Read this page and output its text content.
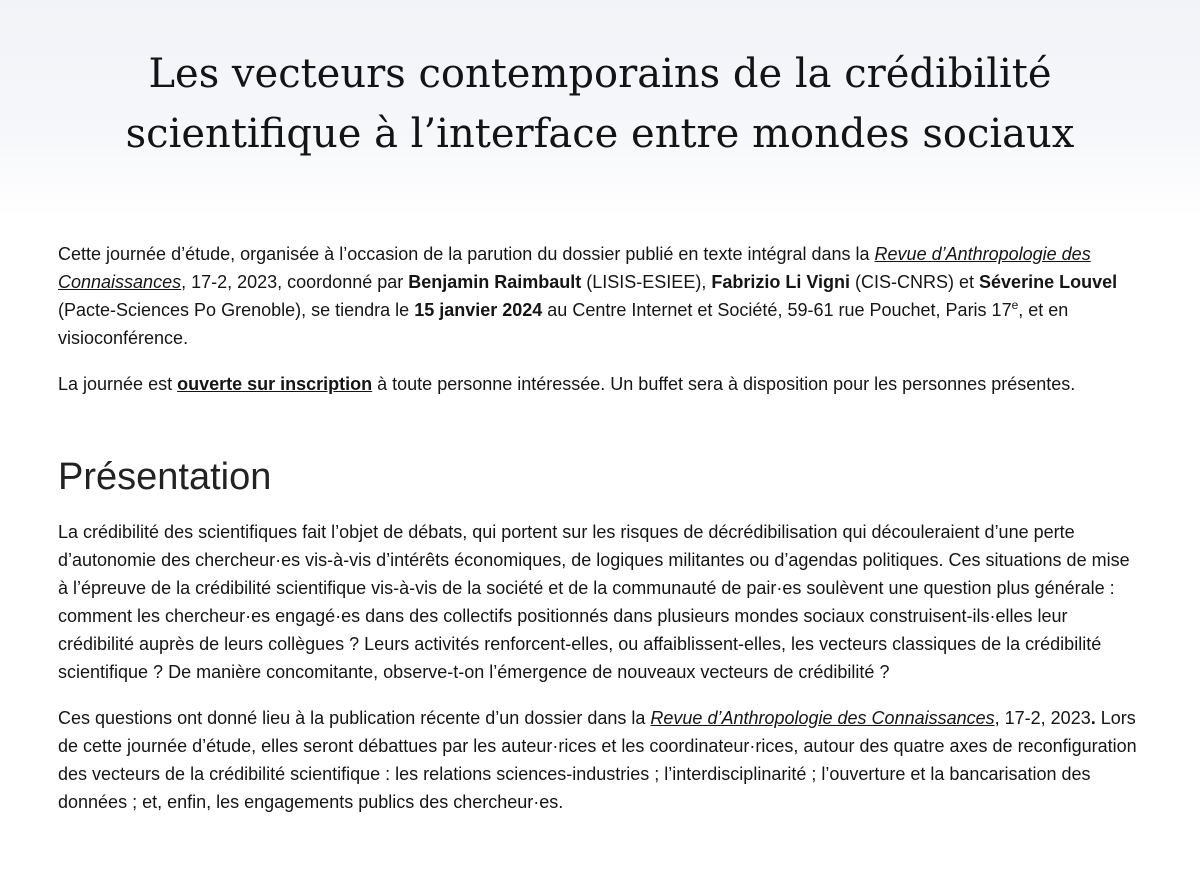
Les vecteurs contemporains de la crédibilité scientifique à l’interface entre mondes sociaux

Cette journée d’étude, organisée à l’occasion de la parution du dossier publié en texte intégral dans la Revue d’Anthropologie des Connaissances, 17-2, 2023, coordonné par Benjamin Raimbault (LISIS-ESIEE), Fabrizio Li Vigni (CIS-CNRS) et Séverine Louvel (Pacte-Sciences Po Grenoble), se tiendra le 15 janvier 2024 au Centre Internet et Société, 59-61 rue Pouchet, Paris 17e, et en visioconférence.

La journée est ouverte sur inscription à toute personne intéressée. Un buffet sera à disposition pour les personnes présentes.

Présentation

La crédibilité des scientifiques fait l’objet de débats, qui portent sur les risques de décrédibilisation qui découleraient d’une perte d’autonomie des chercheur·es vis-à-vis d’intérêts économiques, de logiques militantes ou d’agendas politiques. Ces situations de mise à l’épreuve de la crédibilité scientifique vis-à-vis de la société et de la communauté de pair·es soulèvent une question plus générale : comment les chercheur·es engagé·es dans des collectifs positionnés dans plusieurs mondes sociaux construisent-ils·elles leur crédibilité auprès de leurs collègues ? Leurs activités renforcent-elles, ou affaiblissent-elles, les vecteurs classiques de la crédibilité scientifique ? De manière concomitante, observe-t-on l’émergence de nouveaux vecteurs de crédibilité ?

Ces questions ont donné lieu à la publication récente d’un dossier dans la Revue d’Anthropologie des Connaissances, 17-2, 2023. Lors de cette journée d’étude, elles seront débattues par les auteur·rices et les coordinateur·rices, autour des quatre axes de reconfiguration des vecteurs de la crédibilité scientifique : les relations sciences-industries ; l’interdisciplinarité ; l’ouverture et la bancarisation des données ; et, enfin, les engagements publics des chercheur·es.
